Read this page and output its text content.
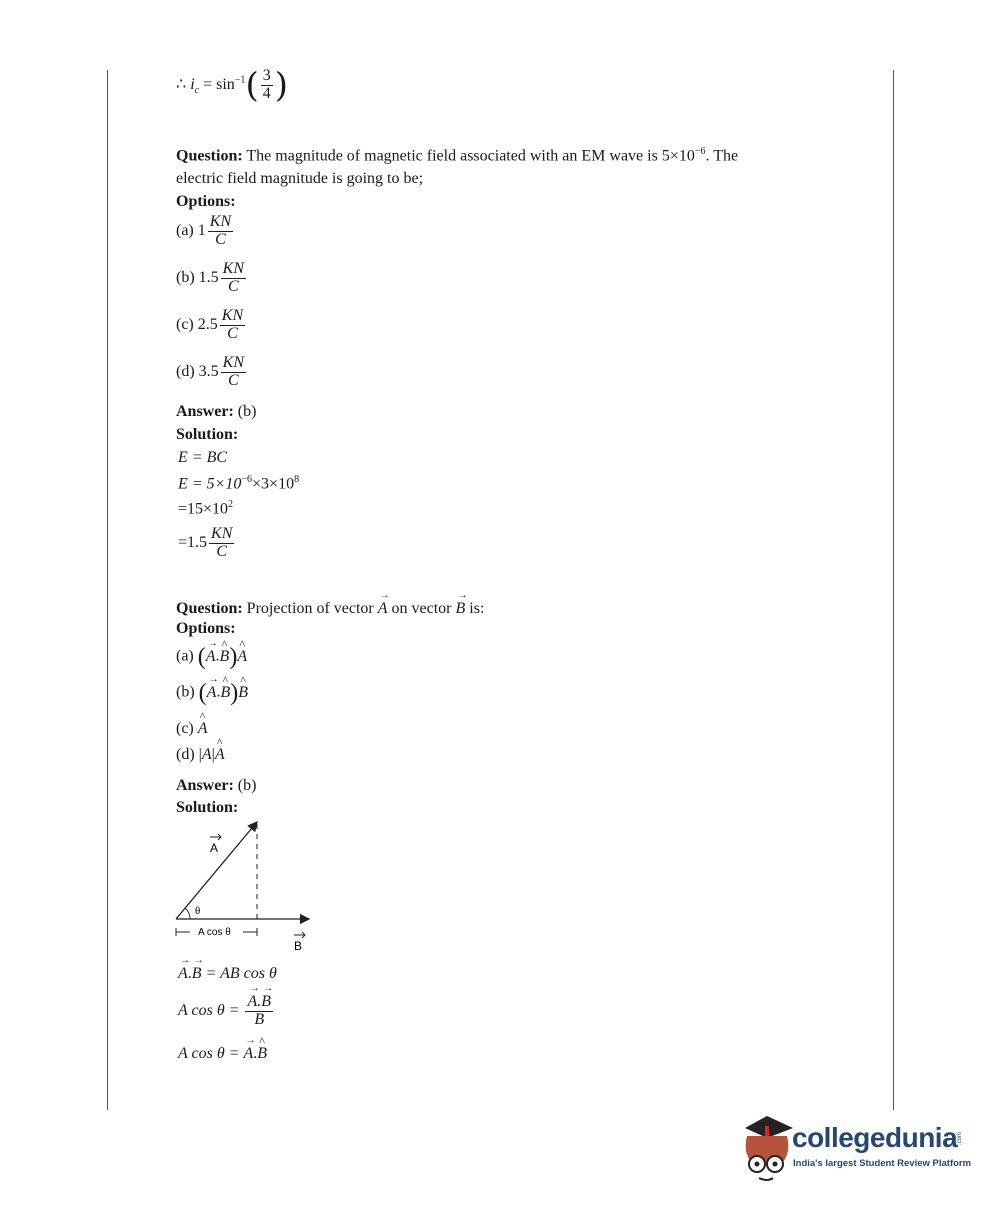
∴ $i_c = \sin^{-1}( \frac{3}{4}$ )
Question: The magnitude of magnetic field associated with an EM wave is $5\times 10^{-6}$. The
electric field magnitude is going to be;
Options:
(a) $1 \frac{KN}{C}$
(b) $1.5 \frac{KN}{C}$
(c) $2.5 \frac{KN}{C}$
(d) $3.5 \frac{KN}{C}$
Answer: (b)
Solution:
E = BC
$E = 5\times 10^{-6}\times 3\times 10^8$
$=15\times 10^2$
$=1.5 \frac{KN}{C}$
Question: Projection of vector → A on vector → B is:
Options:
(a) (→ A.^ B)^ A
(b) (→ A.^ B)^ B
(c) ^ A
(d) |A|^ A
Answer: (b)
Solution:
θ
A
B
A cos θ
→ A.→ B = AB cos θ
A cos θ = → $\frac{A.\to B}{B}$
A cos θ = → A.^ B
collegedunia .com
India's largest Student Review Platform
